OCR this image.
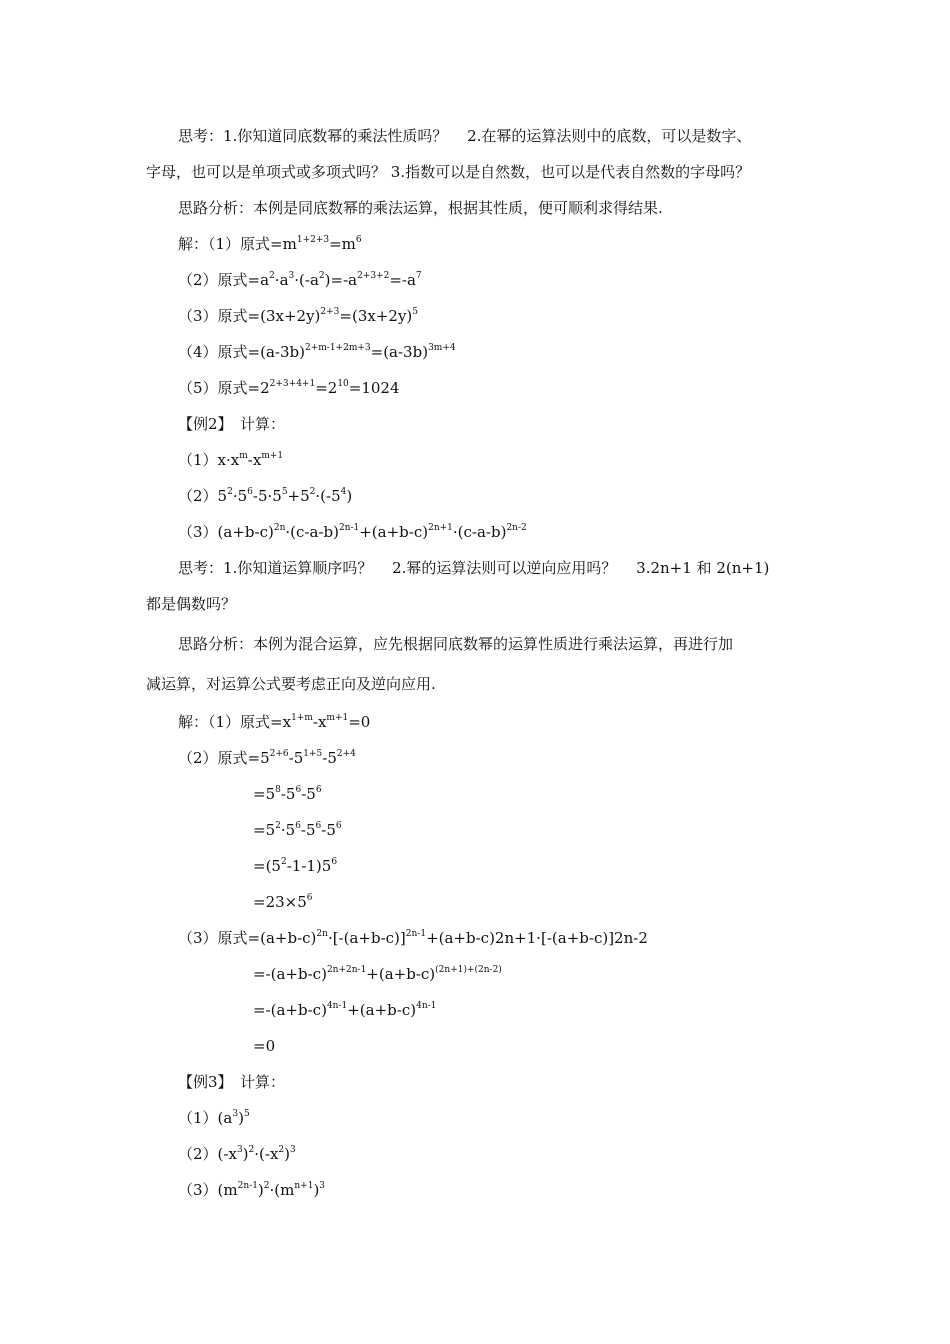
思考：1.你知道同底数幂的乘法性质吗？　 2.在幂的运算法则中的底数，可以是数字、
字母，也可以是单项式或多项式吗？ 3.指数可以是自然数，也可以是代表自然数的字母吗？
思路分析：本例是同底数幂的乘法运算，根据其性质，便可顺利求得结果.
解：（1）原式$=m^{1+2+3}=m^6$
（2）原式$=a^2\cdot a^3\cdot(-a^2)=-a^{2+3+2}=-a^7$
（3）原式$=(3x+2y)^{2+3}=(3x+2y)^5$
（4）原式$=(a-3b)^{2+m-1+2m+3}=(a-3b)^{3m+4}$
（5）原式$=2^{2+3+4+1}=2^{10}=1024$
【例2】　计算：
$(1)x\cdot x^m-x^{m+1}$
$(2)5^2\cdot 5^6-5\cdot 5^5+5^2\cdot(-5^4)$
$(3)(a+b-c)^{2n}\cdot(c-a-b)^{2n-1}+(a+b-c)^{2n+1}\cdot(c-a-b)^{2n-2}$
思考：1.你知道运算顺序吗？　 2.幂的运算法则可以逆向应用吗？　 3.2n+1 和 2(n+1)
都是偶数吗？
思路分析：本例为混合运算，应先根据同底数幂的运算性质进行乘法运算，再进行加
减运算，对运算公式要考虑正向及逆向应用.
解：（1）原式$=x^{1+m}-x^{m+1}=0$
（2）原式$=5^{2+6}-5^{1+5}-5^{2+4}$
$=5^8-5^6-5^6$
$=5^2\cdot 5^6-5^6-5^6$
$=(5^2-1-1)5^6$
$=23\times 5^6$
（3）原式$=(a+b-c)^{2n}\cdot[-(a+b-c)]^{2n-1}+(a+b-c)2n+1\cdot[-(a+b-c)]2n-2$
$=-(a+b-c)^{2n+2n-1}+(a+b-c)^{(2n+1)+(2n-2)}$
$=-(a+b-c)^{4n-1}+(a+b-c)^{4n-1}$
=0
【例3】　计算：
$(1)(a^3)^5$
$(2)(-x^3)^2\cdot(-x^2)^3$
$(3)(m^{2n-1})^2\cdot(m^{n+1})^3$
